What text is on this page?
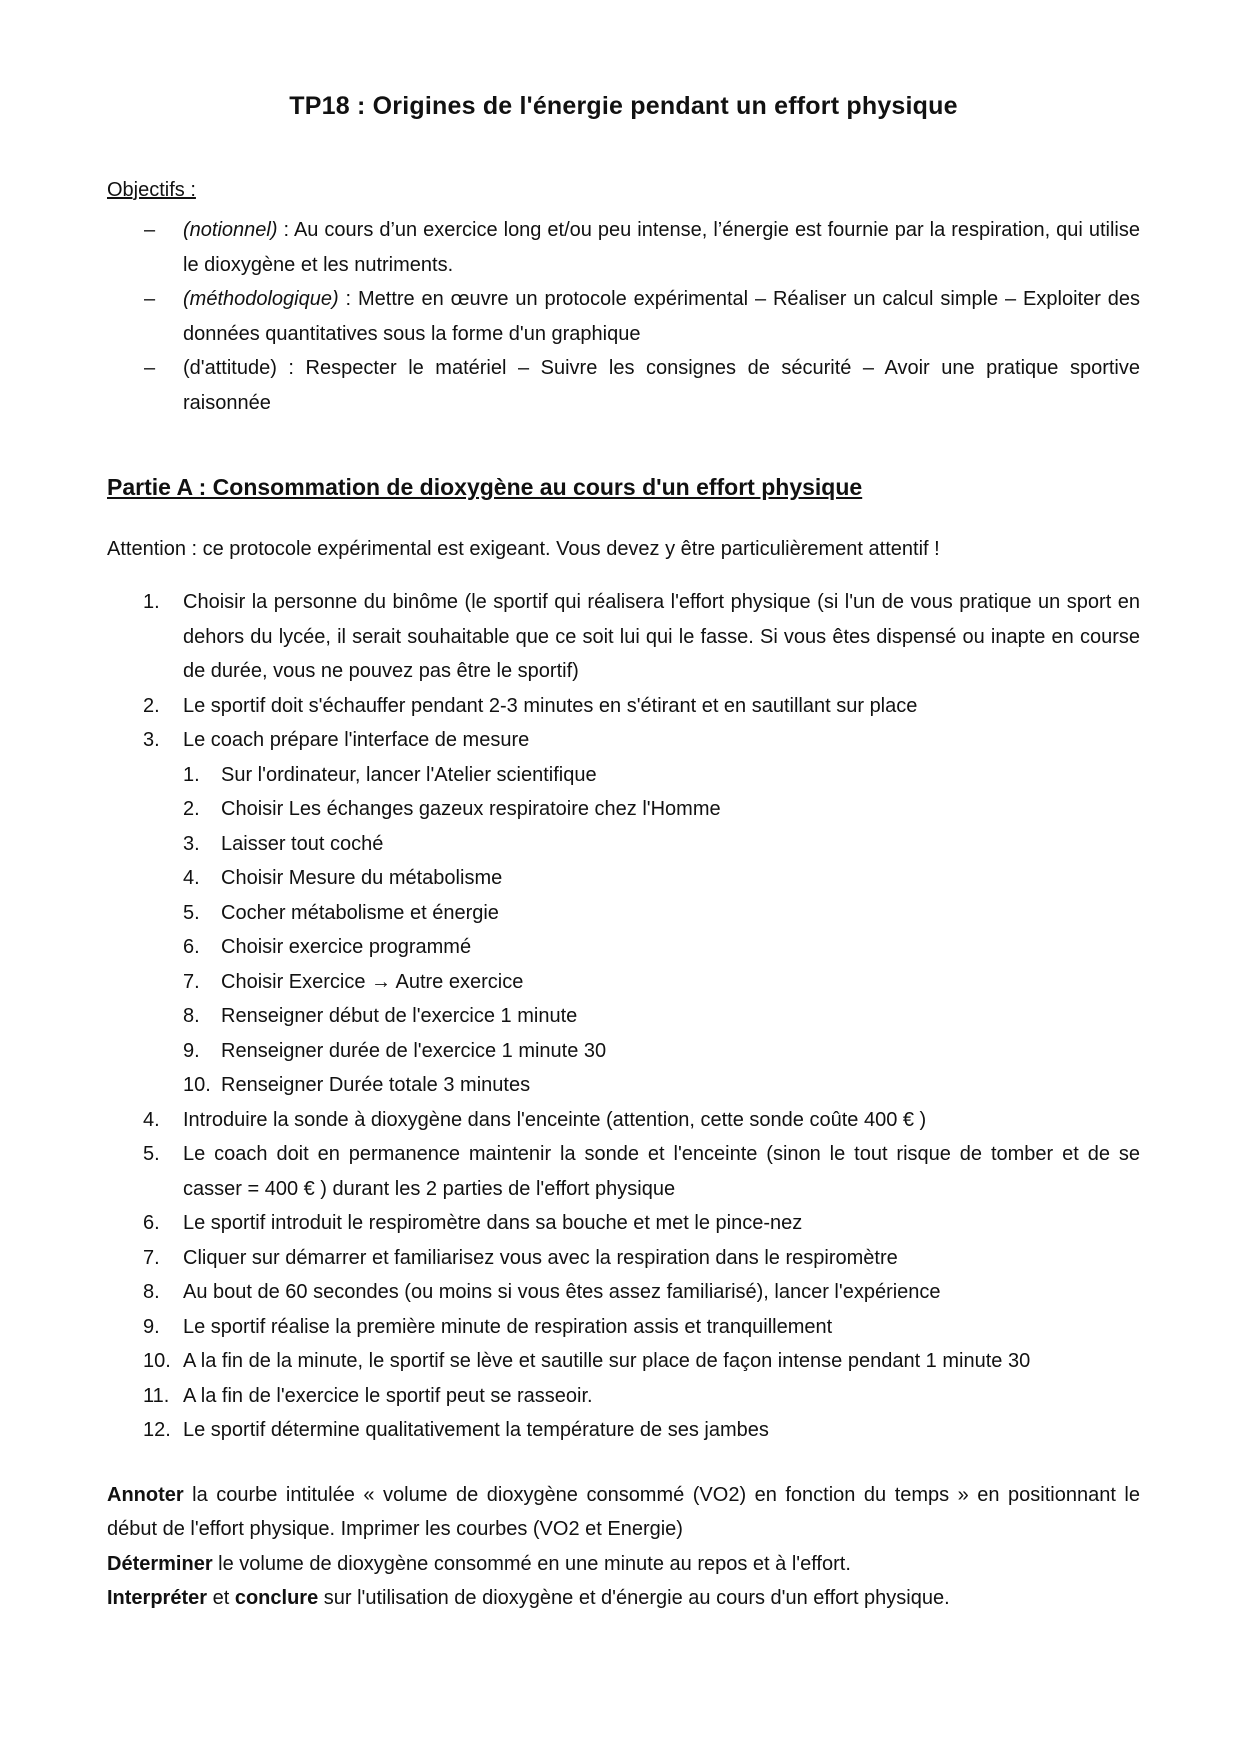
TP18 : Origines de l'énergie pendant un effort physique
Objectifs :
– (notionnel) : Au cours d’un exercice long et/ou peu intense, l’énergie est fournie par la respiration, qui utilise le dioxygène et les nutriments.
– (méthodologique) : Mettre en œuvre un protocole expérimental – Réaliser un calcul simple – Exploiter des données quantitatives sous la forme d'un graphique
– (d'attitude) : Respecter le matériel – Suivre les consignes de sécurité – Avoir une pratique sportive raisonnée
Partie A : Consommation de dioxygène au cours d'un effort physique

Attention : ce protocole expérimental est exigeant. Vous devez y être particulièrement attentif !

1. Choisir la personne du binôme (le sportif qui réalisera l'effort physique (si l'un de vous pratique un sport en dehors du lycée, il serait souhaitable que ce soit lui qui le fasse. Si vous êtes dispensé ou inapte en course de durée, vous ne pouvez pas être le sportif)
2. Le sportif doit s'échauffer pendant 2-3 minutes en s'étirant et en sautillant sur place
3. Le coach prépare l'interface de mesure
1. Sur l'ordinateur, lancer l'Atelier scientifique
2. Choisir Les échanges gazeux respiratoire chez l'Homme
3. Laisser tout coché
4. Choisir Mesure du métabolisme
5. Cocher métabolisme et énergie
6. Choisir exercice programmé
7. Choisir Exercice → Autre exercice
8. Renseigner début de l'exercice 1 minute
9. Renseigner durée de l'exercice 1 minute 30
10. Renseigner Durée totale 3 minutes
4. Introduire la sonde à dioxygène dans l'enceinte (attention, cette sonde coûte 400 € )
5. Le coach doit en permanence maintenir la sonde et l'enceinte (sinon le tout risque de tomber et de se casser = 400 € ) durant les 2 parties de l'effort physique
6. Le sportif introduit le respiromètre dans sa bouche et met le pince-nez
7. Cliquer sur démarrer et familiarisez vous avec la respiration dans le respiromètre
8. Au bout de 60 secondes (ou moins si vous êtes assez familiarisé), lancer l'expérience
9. Le sportif réalise la première minute de respiration assis et tranquillement
10. A la fin de la minute, le sportif se lève et sautille sur place de façon intense pendant 1 minute 30
11. A la fin de l'exercice le sportif peut se rasseoir.
12. Le sportif détermine qualitativement la température de ses jambes

Annoter la courbe intitulée « volume de dioxygène consommé (VO2) en fonction du temps » en positionnant le début de l'effort physique. Imprimer les courbes (VO2 et Energie)

Déterminer le volume de dioxygène consommé en une minute au repos et à l'effort.

Interpréter et conclure sur l'utilisation de dioxygène et d'énergie au cours d'un effort physique.
